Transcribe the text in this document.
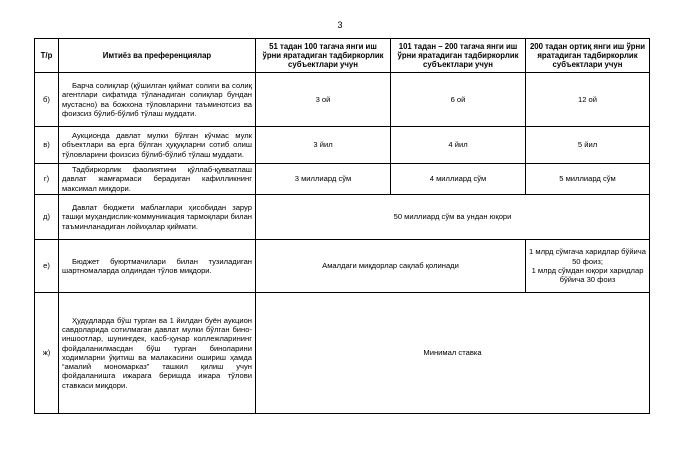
3
Т/р	Имтиёз ва преференциялар	51 тадан 100 тагача янги иш ўрни яратадиган тадбиркорлик субъектлари учун	101 тадан – 200 тагача янги иш ўрни яратадиган тадбиркорлик субъектлари учун	200 тадан ортиқ янги иш ўрни яратадиган тадбиркорлик субъектлари учун
б)	Барча солиқлар (қўшилган қиймат солиги ва солиқ агентлари сифатида тўланадиган солиқлар бундан мустасно) ва божхона тўловларини таъминотсиз ва фоизсиз бўлиб-бўлиб тўлаш муддати.	3 ой	6 ой	12 ой
в)	Аукционда давлат мулки бўлган кўчмас мулк объектлари ва ерга бўлган ҳуқуқларни сотиб олиш тўловларини фоизсиз бўлиб-бўлиб тўлаш муддати.	3 йил	4 йил	5 йил
г)	Тадбиркорлик фаолиятини қўллаб-қувватлаш давлат жамғармаси берадиган кафилликнинг максимал миқдори.	3 миллиард сўм	4 миллиард сўм	5 миллиард сўм
д)	Давлат бюджети маблағлари ҳисобидан зарур ташқи муҳандислик-коммуникация тармоқлари билан таъминланадиган лойиҳалар қиймати.	50 миллиард сўм ва ундан юқори		
е)	Бюджет буюртмачилари билан тузиладиган шартномаларда олдиндан тўлов миқдори.	Амалдаги миқдорлар сақлаб қолинади		1 млрд сўмгача харидлар бўйича 50 фоиз;
1 млрд сўмдан юқори харидлар бўйича 30 фоиз

ж)	Ҳудудларда бўш турган ва 1 йилдан буён аукцион савдоларида сотилмаган давлат мулки бўлган бино-иншоотлар, шунингдек, касб-ҳунар коллежларининг фойдаланилмасдан бўш турган биноларини ходимларни ўқитиш ва малакасини ошириш ҳамда “амалий мономарказ” ташкил қилиш учун фойдаланишга ижарага беришда ижара тўлови ставкаси миқдори.	Минимал ставка		
